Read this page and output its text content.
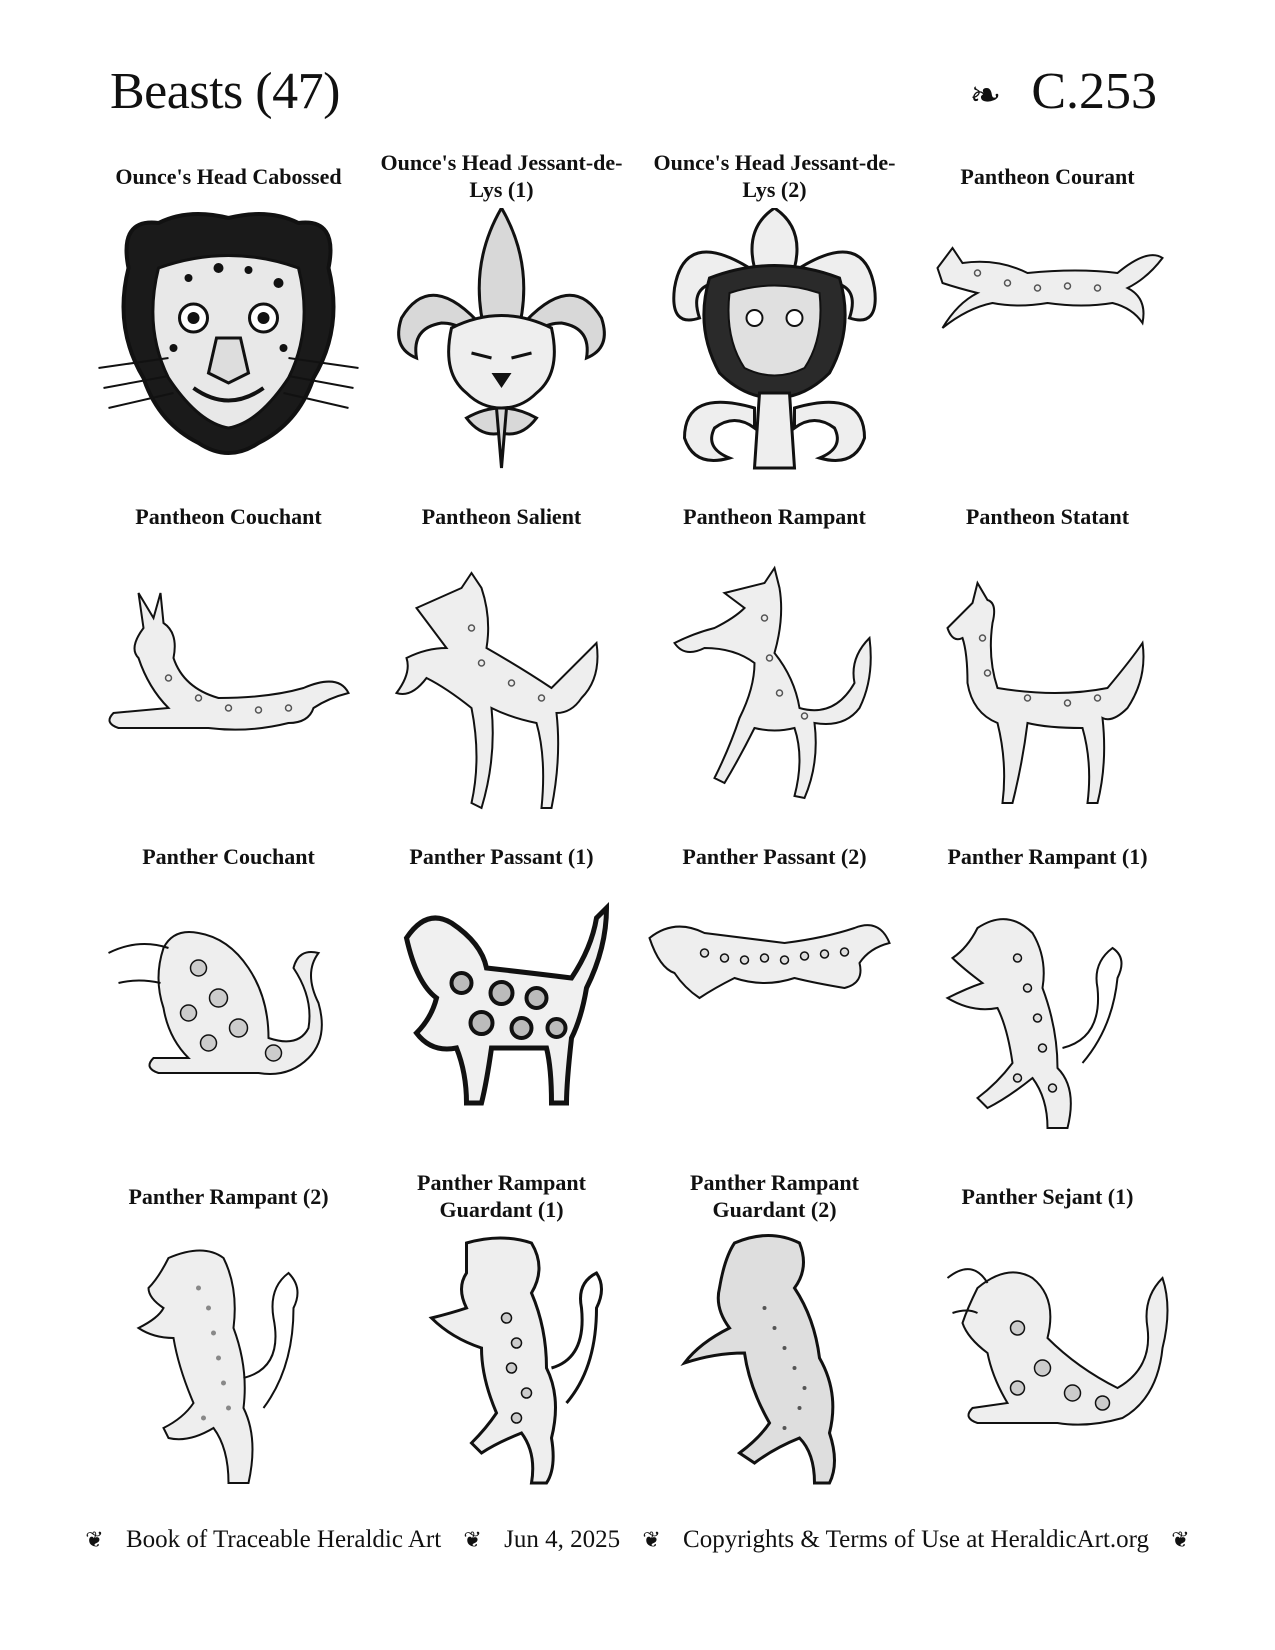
Beasts (47)	❧ C.253
Ounce's Head Cabossed
Ounce's Head Jessant-de-Lys (1)
Ounce's Head Jessant-de-Lys (2)
Pantheon Courant
Pantheon Couchant	Pantheon Salient	Pantheon Rampant	Pantheon Statant
Panther Couchant	Panther Passant (1)	Panther Passant (2)	Panther Rampant (1)
Panther Rampant (2)
Panther Rampant Guardant (1)
Panther Rampant Guardant (2)
Panther Sejant (1)
❦ Book of Traceable Heraldic Art ❦ Jun 4, 2025 ❦ Copyrights & Terms of Use at HeraldicArt.org ❦
